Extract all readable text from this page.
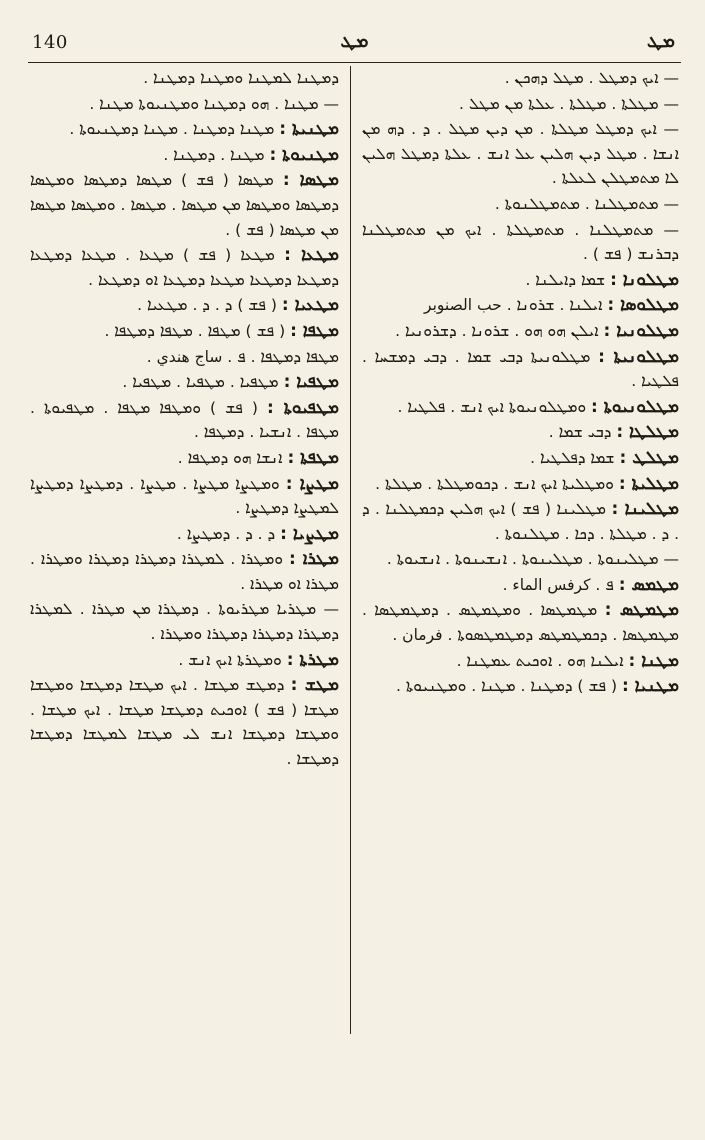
140	ܡܛ	ܡܛ
— ܐܝܟ ܕܡܛܠ . ܡܛܠ ܕܗܟܢ .
— ܡܛܠܬܐ . ܡܛܠܬܐ . ܥܠܬܐ ܡܢ ܡܛܠ .
— ܐܝܟ ܕܡܛܠ ܡܛܠܬܐ . ܡܢ ܕܝܢ ܡܛܠ . ܕ . ܕܗ ܡܢ ܐܢܫܐ . ܡܛܠ ܕܝܢ ܗܠܝܢ ܥܠ ܐܢܫ . ܥܠܬܐ ܕܡܛܠ ܗܠܝܢ ܠܐ ܡܬܡܛܠܢ ܠܥܠܬܐ .
— ܡܬܡܛܠܢܐ . ܡܬܡܛܠܢܘܬܐ .
— ܡܬܡܛܠܢܐ . ܡܬܡܛܠܬܐ . ܐܝܟ ܡܢ ܡܬܡܛܠܢܐ ܕܒܪܢܫ ( ܦܫ ) .
ܡܛܠܘܢܐ : ܫܡܐ ܕܐܝܠܢܐ .
ܡܛܠܘܣܐ : ܐܝܠܢܐ . ܫܪܘܢܐ . حب الصنوبر
ܡܛܠܘܢܝܐ : ܐܝܠܢ ܗܘ ܗܘ . ܫܪܘܢܐ . ܕܫܪܘܢܝܐ .
ܡܛܠܘܢܝܬܐ : ܡܛܠܘܢܝܬܐ ܕܒܝ ܫܡܐ . ܕܒܝ ܕܡܫܚܐ . ܦܠܛܝܐ .
ܡܛܠܘܢܝܘܬܐ : ܘܡܛܠܘܢܝܘܬܐ ܐܝܟ ܐܢܫ . ܦܠܛܝܐ .
ܡܛܠܛܐ : ܕܒܝ ܫܡܐ .
ܡܛܠܛ : ܫܡܐ ܕܦܠܛܝܐ .
ܡܛܠܝܬܐ : ܘܡܛܠܝܬܐ ܐܝܟ ܐܢܫ . ܕܟܘܡܛܠܬܐ . ܡܛܠܬܐ .
ܡܛܠܝܢܐ : ܡܛܠܝܢܐ ( ܦܫ ) ܐܝܟ ܗܠܝܢ ܕܟܡܛܠܢܐ . ܕ . ܕ . ܡܛܠܬܐ . ܕܟܐ . ܡܛܠܢܘܬܐ .
— ܡܛܠܝܢܘܬܐ . ܡܛܠܝܢܘܬܐ . ܐܢܫܝܢܘܬܐ . ܐܢܫܝܘܬܐ .
ܡܛܡܣ : ܦ . كرفس الماء .
ܡܛܡܛܣ : ܡܛܡܛܣܐ . ܘܡܛܡܛܣ . ܕܡܛܡܛܣܐ . ܡܛܡܛܣܐ . ܕܟܡܛܡܛܣ ܕܡܛܡܛܣܘܬܐ . فرمان .
ܡܛܢܐ : ܐܝܠܢܐ ܗܘ . ܐܘܟܝܬ ܥܡܛܢܐ .
ܡܛܢܝܐ : ( ܦܫ ) ܕܡܛܢܐ . ܡܛܢܐ . ܘܡܛܢܝܘܬܐ .
ܕܡܛܢܐ ܠܡܛܢܐ ܘܡܛܢܐ ܕܡܛܢܐ .
— ܡܛܢܐ . ܗܘ ܕܡܛܢܐ ܘܡܛܢܝܘܬܐ ܡܛܢܐ .
ܡܛܢܝܬܐ : ܡܛܢܐ ܕܡܛܢܐ . ܡܛܢܐ ܕܡܛܢܝܘܬܐ .
ܡܛܢܝܘܬܐ : ܡܛܢܐ . ܕܡܛܢܐ .
ܡܛܣܐ : ܡܛܣܐ ( ܦܫ ) ܡܛܣܐ ܕܡܛܣܐ ܘܡܛܣܐ ܕܡܛܣܐ ܘܡܛܣܐ ܡܢ ܡܛܣܐ . ܡܛܣܐ . ܘܡܛܣܐ ܡܛܣܐ ܡܢ ܡܛܣܐ ( ܦܫ ) .
ܡܛܥܐ : ܡܛܥܐ ( ܦܫ ) ܡܛܥܐ . ܡܛܥܐ ܕܡܛܥܐ ܕܡܛܥܐ ܕܡܛܥܐ ܡܛܥܐ ܕܡܛܥܐ ܐܘ ܕܡܛܥܐ .
ܡܛܥܝܐ : ( ܦܫ ) ܕ . ܕ . ܡܛܥܝܐ .
ܡܛܦܐ : ( ܦܫ ) ܡܛܦܐ . ܡܛܦܐ ܕܡܛܦܐ .
ܡܛܦܐ ܕܡܛܦܐ . ܦ . ساج هندي .
ܡܛܦܝܐ : ܡܛܦܝܐ . ܡܛܦܝܐ . ܡܛܦܝܐ .
ܡܛܦܝܘܬܐ : ( ܦܫ ) ܘܡܛܦܐ ܡܛܦܐ . ܡܛܦܝܘܬܐ . ܡܛܦܐ . ܐܢܫܝܐ . ܕܡܛܦܐ .
ܡܛܦܬܐ : ܐܢܫܐ ܗܘ ܕܡܛܦܐ .
ܡܛܨܐ : ܘܡܛܨܐ ܡܛܨܐ . ܡܛܨܐ . ܕܡܛܨܐ ܕܡܛܨܐ ܠܡܛܨܐ ܕܡܛܨܐ .
ܡܛܨܝܐ : ܕ . ܕ . ܕܡܛܨܐ .
ܡܛܪܐ : ܘܡܛܪܐ . ܠܡܛܪܐ ܕܡܛܪܐ ܕܡܛܪܐ ܘܡܛܪܐ . ܡܛܪܐ ܐܘ ܡܛܪܐ .
— ܡܛܪܝܐ ܡܛܪܝܘܬܐ . ܕܡܛܪܐ ܡܢ ܡܛܪܐ . ܠܡܛܪܐ ܕܡܛܪܐ ܕܡܛܪܐ ܕܡܛܪܐ ܘܡܛܪܐ .
ܡܛܪܬܐ : ܘܡܛܪܬܐ ܐܝܟ ܐܢܫ .
ܡܛܫ : ܕܡܛܫ ܡܛܫܐ . ܐܝܟ ܡܛܫܐ ܕܡܛܫܐ ܘܡܛܫܐ ܡܛܫܐ ( ܦܫ ) ܐܘܟܝܬ ܕܡܛܫܐ ܡܛܫܐ . ܐܝܟ ܡܛܫܐ . ܘܡܛܫܐ ܕܡܛܫܐ ܐܢܫ ܠܝ ܡܛܫܐ ܠܡܛܫܐ ܕܡܛܫܐ ܕܡܛܫܐ .
